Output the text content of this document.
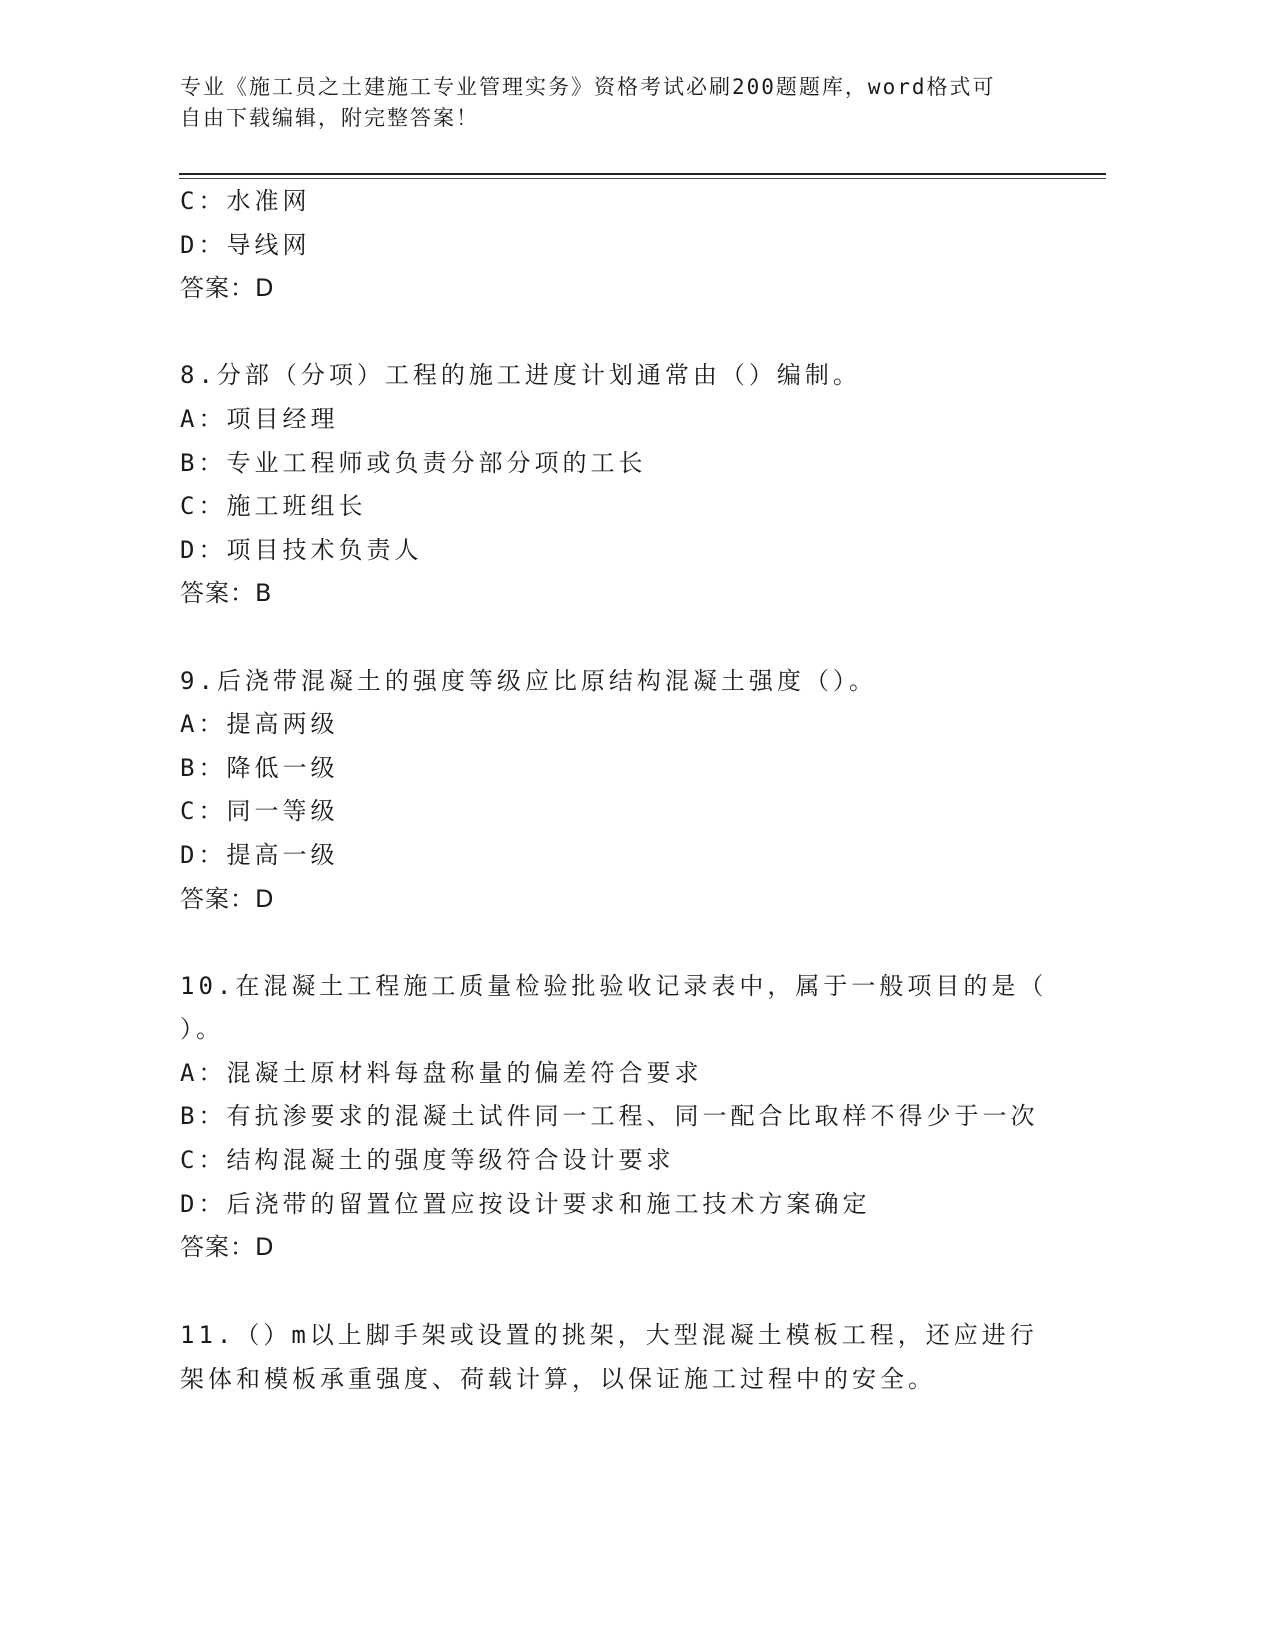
专业《施工员之土建施工专业管理实务》资格考试必刷200题题库，word格式可
自由下载编辑，附完整答案！
C：水准网
D：导线网
答案：D
8.分部（分项）工程的施工进度计划通常由（）编制。
A：项目经理
B：专业工程师或负责分部分项的工长
C：施工班组长
D：项目技术负责人
答案：B
9.后浇带混凝土的强度等级应比原结构混凝土强度（）。
A：提高两级
B：降低一级
C：同一等级
D：提高一级
答案：D
10.在混凝土工程施工质量检验批验收记录表中，属于一般项目的是（
）。
A：混凝土原材料每盘称量的偏差符合要求
B：有抗渗要求的混凝土试件同一工程、同一配合比取样不得少于一次
C：结构混凝土的强度等级符合设计要求
D：后浇带的留置位置应按设计要求和施工技术方案确定
答案：D
11.（）m以上脚手架或设置的挑架，大型混凝土模板工程，还应进行
架体和模板承重强度、荷载计算，以保证施工过程中的安全。
